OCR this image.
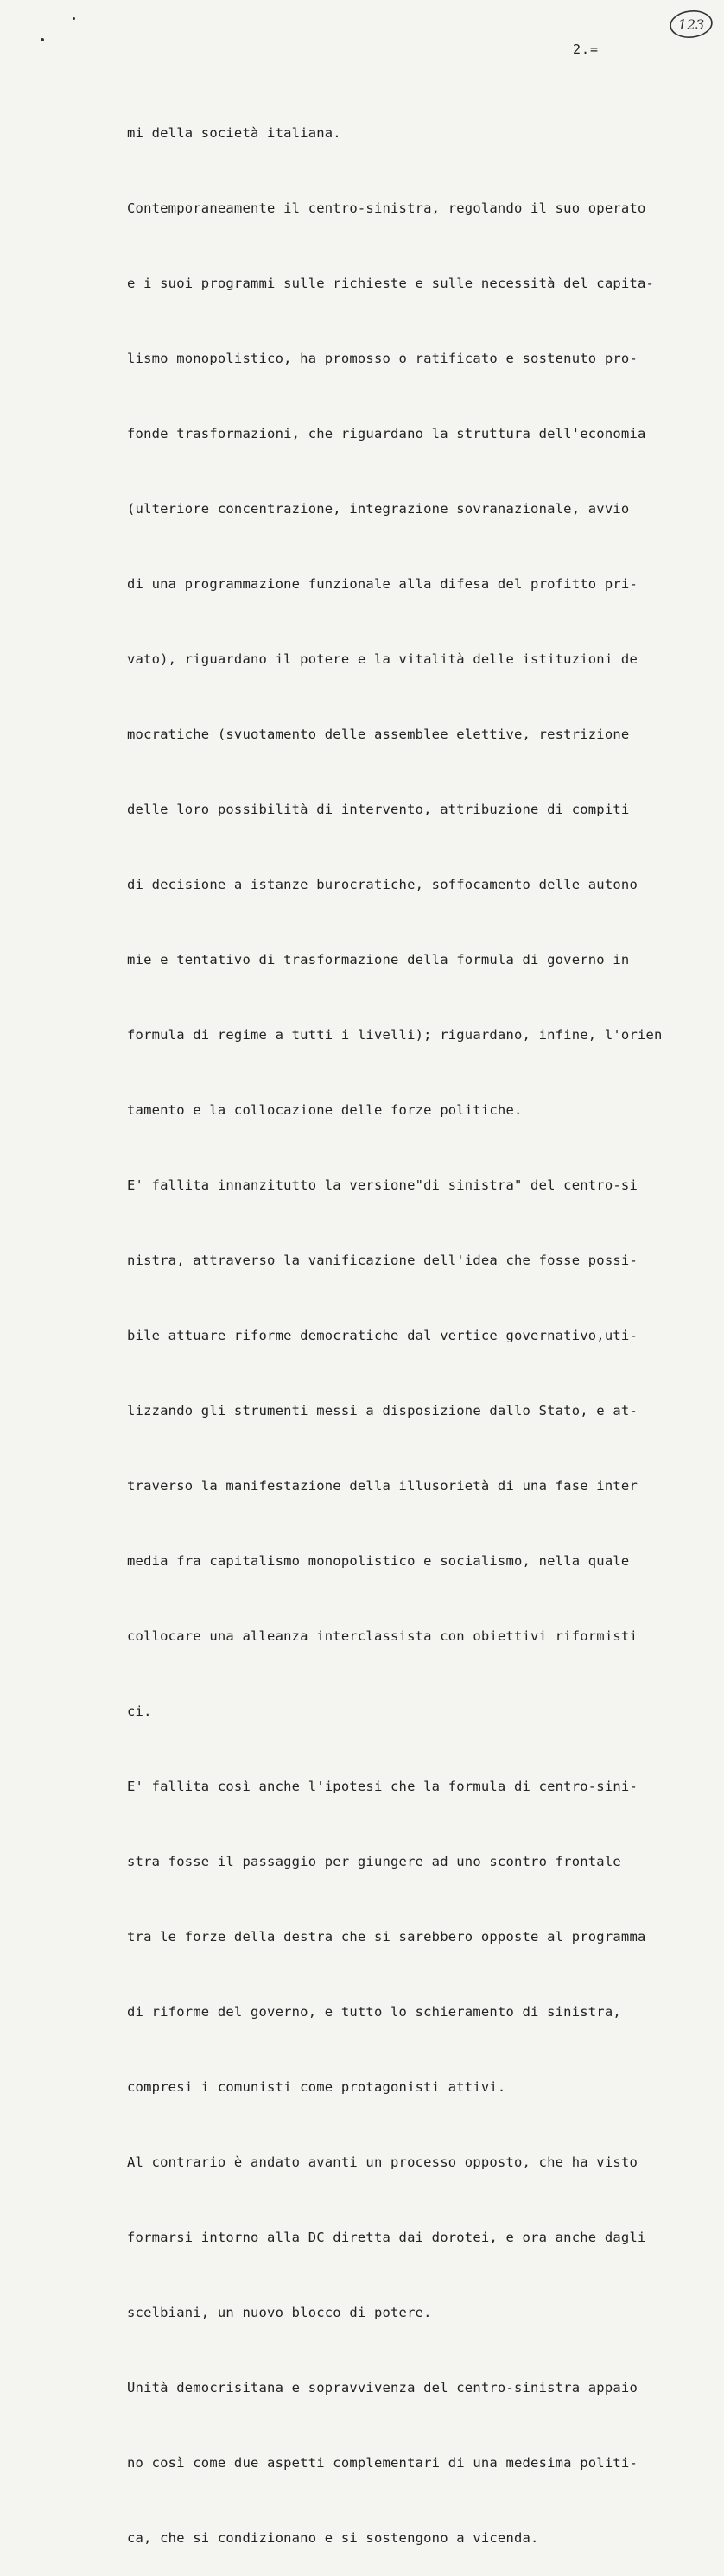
123
2.=

mi della società italiana.

Contemporaneamente il centro-sinistra, regolando il suo operato

e i suoi programmi sulle richieste e sulle necessità del capita-

lismo monopolistico, ha promosso o ratificato e sostenuto pro-

fonde trasformazioni, che riguardano la struttura dell'economia

(ulteriore concentrazione, integrazione sovranazionale, avvio

di una programmazione funzionale alla difesa del profitto pri-

vato), riguardano il potere e la vitalità delle istituzioni de

mocratiche (svuotamento delle assemblee elettive, restrizione

delle loro possibilità di intervento, attribuzione di compiti

di decisione a istanze burocratiche, soffocamento delle autono

mie e tentativo di trasformazione della formula di governo in

formula di regime a tutti i livelli); riguardano, infine, l'orien

tamento e la collocazione delle forze politiche.

E' fallita innanzitutto la versione"di sinistra" del centro-si

nistra, attraverso la vanificazione dell'idea che fosse possi-

bile attuare riforme democratiche dal vertice governativo,uti-

lizzando gli strumenti messi a disposizione dallo Stato, e at-

traverso la manifestazione della illusorietà di una fase inter

media fra capitalismo monopolistico e socialismo, nella quale

collocare una alleanza interclassista con obiettivi riformisti

ci.

E' fallita così anche l'ipotesi che la formula di centro-sini-

stra fosse il passaggio per giungere ad uno scontro frontale

tra le forze della destra che si sarebbero opposte al programma

di riforme del governo, e tutto lo schieramento di sinistra,

compresi i comunisti come protagonisti attivi.

Al contrario è andato avanti un processo opposto, che ha visto

formarsi intorno alla DC diretta dai dorotei, e ora anche dagli

scelbiani, un nuovo blocco di potere.

Unità democrisitana e sopravvivenza del centro-sinistra appaio

no così come due aspetti complementari di una medesima politi-

ca, che si condizionano e si sostengono a vicenda.
